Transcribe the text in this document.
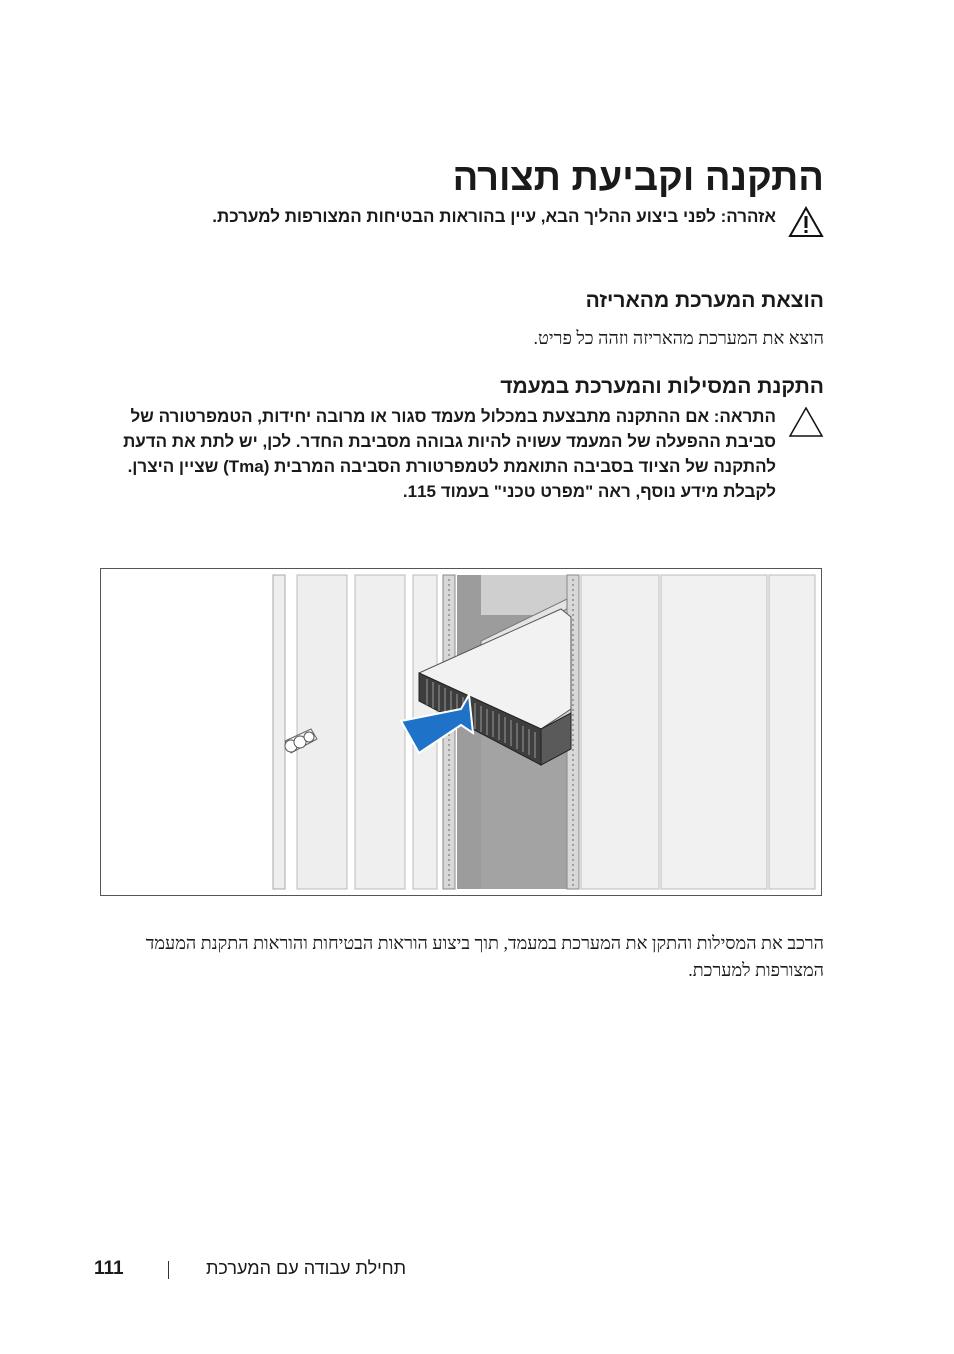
התקנה וקביעת תצורה
אזהרה: לפני ביצוע ההליך הבא, עיין בהוראות הבטיחות המצורפות למערכת.
הוצאת המערכת מהאריזה

הוצא את המערכת מהאריזה וזהה כל פריט.

התקנת המסילות והמערכת במעמד
התראה: אם ההתקנה מתבצעת במכלול מעמד סגור או מרובה יחידות, הטמפרטורה של סביבת ההפעלה של המעמד עשויה להיות גבוהה מסביבת החדר. לכן, יש לתת את הדעת להתקנה של הציוד בסביבה התואמת לטמפרטורת הסביבה המרבית (Tma) שציין היצרן. לקבלת מידע נוסף, ראה "מפרט טכני" בעמוד 115.

הרכב את המסילות והתקן את המערכת במעמד, תוך ביצוע הוראות הבטיחות והוראות התקנת המעמד המצורפות למערכת.

111	תחילת עבודה עם המערכת
